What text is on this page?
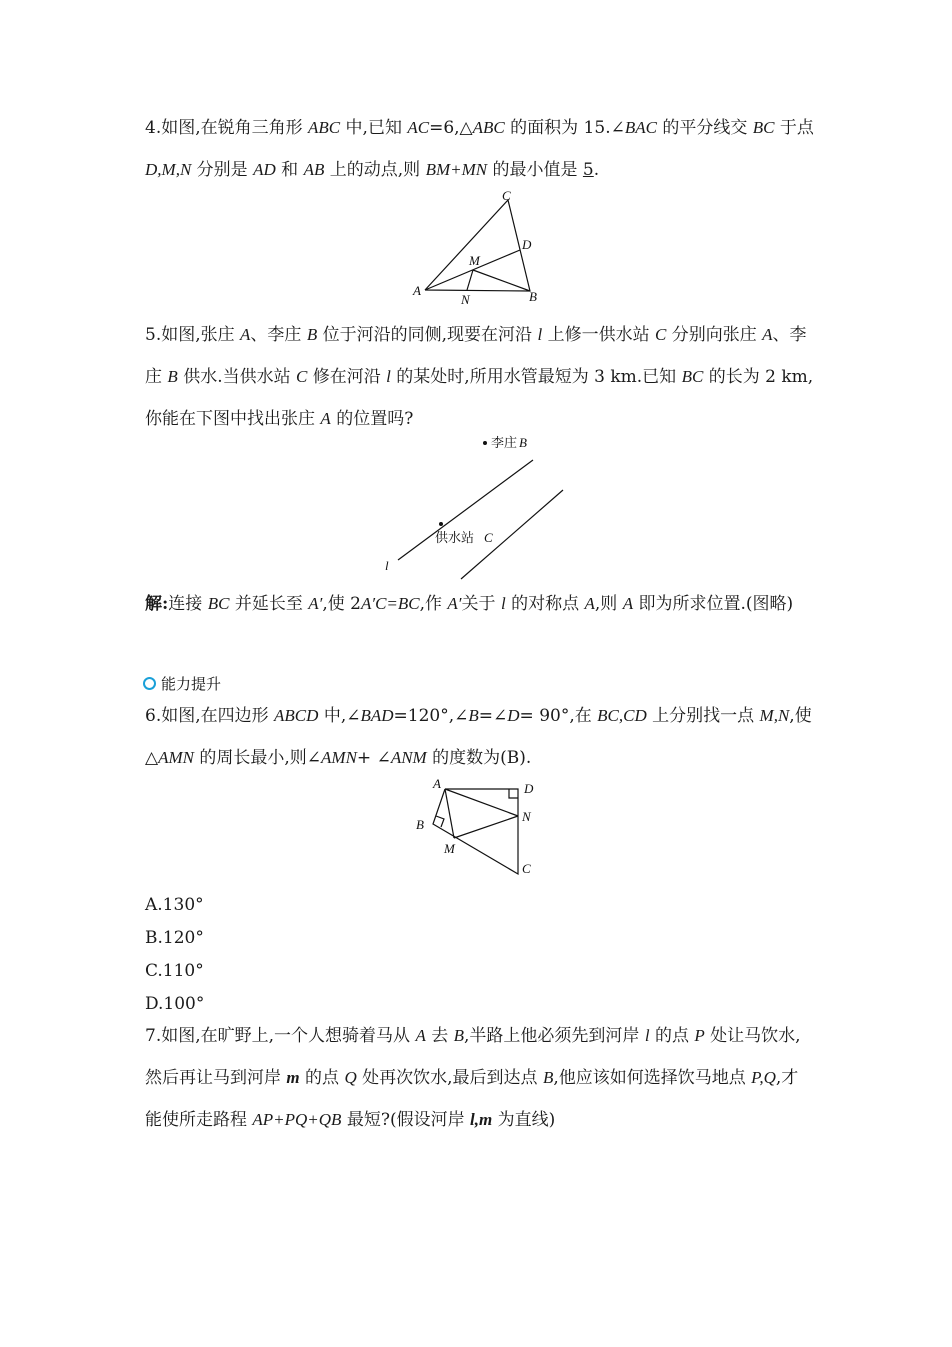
4.如图,在锐角三角形 ABC 中,已知 AC=6,△ABC 的面积为 15.∠BAC 的平分线交 BC 于点 D,M,N 分别是 AD 和 AB 上的动点,则 BM+MN 的最小值是 5.

C
D
M
A
N	B

5.如图,张庄 A、李庄 B 位于河沿的同侧,现要在河沿 l 上修一供水站 C 分别向张庄 A、李庄 B 供水.当供水站 C 修在河沿 l 的某处时,所用水管最短为 3 km.已知 BC 的长为 2 km,你能在下图中找出张庄 A 的位置吗?

李庄 B
供水站 C
l

解:连接 BC 并延长至 A′,使 2A′C=BC,作 A′关于 l 的对称点 A,则 A 即为所求位置.(图略)

能力提升

6.如图,在四边形 ABCD 中,∠BAD=120°,∠B=∠D= 90°,在 BC,CD 上分别找一点 M,N,使△AMN 的周长最小,则∠AMN+ ∠ANM 的度数为(B).

A	D
N
B
M
C

A.130°

B.120°

C.110°

D.100°

7.如图,在旷野上,一个人想骑着马从 A 去 B,半路上他必须先到河岸 l 的点 P 处让马饮水,然后再让马到河岸 m 的点 Q 处再次饮水,最后到达点 B,他应该如何选择饮马地点 P,Q,才能使所走路程 AP+PQ+QB 最短?(假设河岸 l,m 为直线)
